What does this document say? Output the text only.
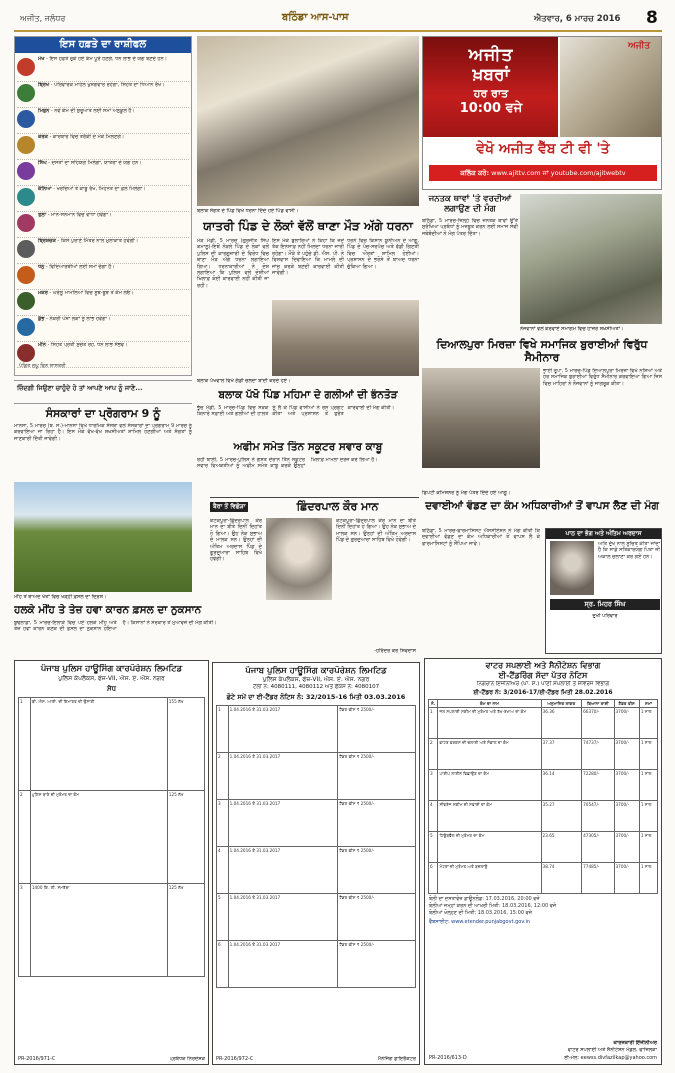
ਅਜੀਤ, ਜਲੰਧਰ	ਬਠਿੰਡਾ ਆਸ-ਪਾਸ	ਐਤਵਾਰ, 6 ਮਾਰਚ 2016 8
ਇਸ ਹਫ਼ਤੇ ਦਾ ਰਾਸ਼ੀਫਲ
ਮੇਖ - ਇਸ ਹਫ਼ਤੇ ਰੁਕੇ ਹੋਏ ਕੰਮ ਪੂਰੇ ਹੋਣਗੇ, ਧਨ ਲਾਭ ਦੇ ਯੋਗ ਬਣਦੇ ਹਨ।
ਬ੍ਰਿਖ - ਪਰਿਵਾਰਕ ਮਾਹੌਲ ਖੁਸ਼ਗਵਾਰ ਰਹੇਗਾ, ਸਿਹਤ ਦਾ ਧਿਆਨ ਰੱਖੋ।
ਮਿਥੁਨ - ਨਵੇਂ ਕੰਮ ਦੀ ਸ਼ੁਰੂਆਤ ਲਈ ਸਮਾਂ ਅਨੁਕੂਲ ਹੈ।
ਕਰਕ - ਕਾਰੋਬਾਰ ਵਿਚ ਤਰੱਕੀ ਦੇ ਮੌਕੇ ਮਿਲਣਗੇ।
ਸਿੰਘ - ਦੋਸਤਾਂ ਦਾ ਸਹਿਯੋਗ ਮਿਲੇਗਾ, ਯਾਤਰਾ ਦੇ ਯੋਗ ਹਨ।
ਕੰਨਿਆ - ਖਰਚਿਆਂ ਤੇ ਕਾਬੂ ਰੱਖੋ, ਮਿਹਨਤ ਦਾ ਫ਼ਲ ਮਿਲੇਗਾ।
ਤੁਲਾ - ਮਾਨ-ਸਨਮਾਨ ਵਿਚ ਵਾਧਾ ਹੋਵੇਗਾ।
ਬ੍ਰਿਸ਼ਚਕ - ਕਿਸੇ ਪੁਰਾਣੇ ਮਿੱਤਰ ਨਾਲ ਮੁਲਾਕਾਤ ਹੋਵੇਗੀ।
ਧਨੁ - ਵਿਦਿਆਰਥੀਆਂ ਲਈ ਸਮਾਂ ਚੰਗਾ ਹੈ।
ਮਕਰ - ਘਰੇਲੂ ਮਾਮਲਿਆਂ ਵਿਚ ਸੂਝ-ਬੂਝ ਤੋਂ ਕੰਮ ਲਓ।
ਕੁੰਭ - ਨੌਕਰੀ ਪੇਸ਼ਾ ਲੋਕਾਂ ਨੂੰ ਲਾਭ ਹੋਵੇਗਾ।
ਮੀਨ - ਸਿਹਤ ਪ੍ਰਤੀ ਸੁਚੇਤ ਰਹੋ, ਧਨ ਲਾਭ ਸੰਭਵ।
ਪੰਡਿਤ ਰਘੂ ਵਿਨ ਸ਼ਾਸਤਰੀ
ਜ਼ਿੰਦਗੀ ਜਿਉਣਾ ਚਾਹੁੰਦੇ ਹੋ ਤਾਂ ਆਪਣੇ ਆਪ ਨੂੰ ਜਾਣੋ...
ਸੰਸਕਾਰਾਂ ਦਾ ਪ੍ਰੋਗਰਾਮ 9 ਨੂੰ
ਮਾਨਸਾ, 5 ਮਾਰਚ (ਬ. ਸ.)-ਮਾਨਸਾ ਵਿਖੇ ਧਾਰਮਿਕ ਸੰਸਥਾ ਵਲੋਂ ਸੰਸਕਾਰਾਂ ਦਾ ਪ੍ਰੋਗਰਾਮ 9 ਮਾਰਚ ਨੂੰ ਕਰਵਾਇਆ ਜਾ ਰਿਹਾ ਹੈ। ਇਸ ਮੌਕੇ ਵੱਖ-ਵੱਖ ਸ਼ਖ਼ਸੀਅਤਾਂ ਸ਼ਾਮਿਲ ਹੋਣਗੀਆਂ ਅਤੇ ਸੰਗਤਾਂ ਨੂੰ ਜਾਣਕਾਰੀ ਦਿੱਤੀ ਜਾਵੇਗੀ।
ਮੀਂਹ ਤੋਂ ਬਾਅਦ ਖੇਤਾਂ ਵਿਚ ਖੜ੍ਹੀ ਫ਼ਸਲ ਦਾ ਦ੍ਰਿਸ਼।
ਹਲਕੇ ਮੀਂਹ ਤੇ ਤੇਜ਼ ਹਵਾ ਕਾਰਨ ਫ਼ਸਲ ਦਾ ਨੁਕਸਾਨ
ਬੁਢਲਾਡਾ, 5 ਮਾਰਚ-ਇਲਾਕੇ ਵਿਚ ਪਏ ਹਲਕੇ ਮੀਂਹ ਅਤੇ ਤੇਜ਼ ਹਵਾ ਕਾਰਨ ਕਣਕ ਦੀ ਫ਼ਸਲ ਦਾ ਨੁਕਸਾਨ ਹੋਇਆ ਹੈ। ਕਿਸਾਨਾਂ ਨੇ ਸਰਕਾਰ ਤੋਂ ਮੁਆਵਜ਼ੇ ਦੀ ਮੰਗ ਕੀਤੀ।
ਪੰਜਾਬ ਪੁਲਿਸ ਹਾਊਸਿੰਗ ਕਾਰਪੋਰੇਸ਼ਨ ਲਿਮਟਿਡ
ਪੁਲਿਸ ਕੰਪਲੈਕਸ, ਫੇਜ਼-VII, ਐਸ. ਏ. ਐਸ. ਨਗਰ
ਸੋਧ
1	ਬੀ. ਐਸ. ਆਈ. ਦੀ ਇਮਾਰਤ ਦੀ ਉਸਾਰੀ	155 ਲੱਖ
2	ਪੁਲਿਸ ਥਾਣੇ ਦੀ ਮੁਰੰਮਤ ਦਾ ਕੰਮ	125 ਲੱਖ
3	1400 ਕਿ. ਲੀ. ਸਮਰੱਥਾ	125 ਲੱਖ
PR-2016/971-C	ਪ੍ਰਬੰਧਕ ਨਿਰਦੇਸ਼ਕ
ਬਲਾਕ ਸੰਗਤ ਦੇ ਪਿੰਡ ਵਿਖੇ ਧਰਨਾ ਦਿੰਦੇ ਹੋਏ ਪਿੰਡ ਵਾਸੀ।
ਯਾਤਰੀ ਪਿੰਡ ਦੇ ਲੋਕਾਂ ਵੱਲੋਂ ਥਾਣਾ ਮੌੜ ਅੱਗੇ ਧਰਨਾ
ਮੌੜ ਮੰਡੀ, 5 ਮਾਰਚ (ਗੁਰਜੀਤ ਸਿੰਘ ਕਮਾਲੂ)-ਇਥੋਂ ਨੇੜਲੇ ਪਿੰਡ ਦੇ ਲੋਕਾਂ ਵਲੋਂ ਪੁਲਿਸ ਦੀ ਕਾਰਗੁਜ਼ਾਰੀ ਦੇ ਵਿਰੋਧ ਵਿਚ ਥਾਣਾ ਮੌੜ ਅੱਗੇ ਧਰਨਾ ਲਗਾਇਆ ਗਿਆ। ਧਰਨਾਕਾਰੀਆਂ ਨੇ ਦੋਸ਼ ਲਗਾਇਆ ਕਿ ਪੁਲਿਸ ਵਲੋਂ ਦੋਸ਼ੀਆਂ ਖ਼ਿਲਾਫ਼ ਕੋਈ ਕਾਰਵਾਈ ਨਹੀਂ ਕੀਤੀ ਜਾ ਰਹੀ।
ਇਸ ਮੌਕੇ ਬੁਲਾਰਿਆਂ ਨੇ ਕਿਹਾ ਕਿ ਜਦੋਂ ਤੱਕ ਇਨਸਾਫ਼ ਨਹੀਂ ਮਿਲਦਾ ਧਰਨਾ ਜਾਰੀ ਰਹੇਗਾ। ਮੌਕੇ ਤੇ ਪਹੁੰਚੇ ਡੀ. ਐਸ. ਪੀ. ਨੇ ਵਿਸ਼ਵਾਸ ਦਿਵਾਇਆ ਕਿ ਮਾਮਲੇ ਦੀ ਜਾਂਚ ਕਰਕੇ ਬਣਦੀ ਕਾਰਵਾਈ ਕੀਤੀ ਜਾਵੇਗੀ।
ਧਰਨੇ ਵਿਚ ਕਿਸਾਨ ਯੂਨੀਅਨ ਦੇ ਆਗੂ, ਪਿੰਡ ਦੇ ਪੰਚ-ਸਰਪੰਚ ਅਤੇ ਵੱਡੀ ਗਿਣਤੀ ਵਿਚ ਔਰਤਾਂ ਸ਼ਾਮਿਲ ਹੋਈਆਂ। ਪ੍ਰਸ਼ਾਸਨ ਦੇ ਭਰੋਸੇ ਤੋਂ ਬਾਅਦ ਧਰਨਾ ਚੁੱਕਿਆ ਗਿਆ।
ਬਲਾਕ ਪੱਖੋਵਾਲ ਵਿਖੇ ਗੱਡੀ ਚਲਦਾ ਬਾਂਦੀ ਕਰਦੇ ਹੋਏ।
ਬਲਾਕ ਪੱਖੋ ਪਿੰਡ ਮਹਿਮਾ ਦੇ ਗਲੀਆਂ ਦੀ ਭੰਨਤੋੜ
ਭੁੱਚੋ ਮੰਡੀ, 5 ਮਾਰਚ-ਪਿੰਡ ਵਿਚ ਸੜਕ ਕਿਨਾਰੇ ਸਫ਼ਾਈ ਅਤੇ ਗਲੀਆਂ ਦੀ ਹਾਲਤ ਨੂੰ ਲੈ ਕੇ ਪਿੰਡ ਵਾਸੀਆਂ ਨੇ ਰੋਸ ਪ੍ਰਗਟ ਕੀਤਾ ਅਤੇ ਪ੍ਰਸ਼ਾਸਨ ਤੋਂ ਤੁਰੰਤ ਕਾਰਵਾਈ ਦੀ ਮੰਗ ਕੀਤੀ।
ਅਫੀਮ ਸਮੇਤ ਤਿੰਨ ਸਕੂਟਰ ਸਵਾਰ ਕਾਬੂ
ਰੋਹੀ ਬਾਲੀ, 5 ਮਾਰਚ-ਪੁਲਿਸ ਨੇ ਗਸ਼ਤ ਦੌਰਾਨ ਤਿੰਨ ਸਕੂਟਰ ਸਵਾਰ ਵਿਅਕਤੀਆਂ ਨੂੰ ਅਫੀਮ ਸਮੇਤ ਕਾਬੂ ਕਰਕੇ ਉਨ੍ਹਾਂ ਖ਼ਿਲਾਫ਼ ਮਾਮਲਾ ਦਰਜ ਕਰ ਲਿਆ ਹੈ।
ਬੈਰਾ ਤੋਂ ਵਿਛੋੜਾ	ਛਿੰਦਰਪਾਲ ਕੌਰ ਮਾਨ
ਕੋਟਕਪੂਰਾ-ਛਿੰਦਰਪਾਲ ਕੌਰ ਮਾਨ ਦਾ ਬੀਤੇ ਦਿਨੀਂ ਦਿਹਾਂਤ ਹੋ ਗਿਆ। ਉਹ ਨੇਕ ਸੁਭਾਅ ਦੇ ਮਾਲਕ ਸਨ। ਉਨ੍ਹਾਂ ਦੀ ਅੰਤਿਮ ਅਰਦਾਸ ਪਿੰਡ ਦੇ ਗੁਰਦੁਆਰਾ ਸਾਹਿਬ ਵਿਖੇ ਹੋਵੇਗੀ।
ਕੋਟਕਪੂਰਾ-ਛਿੰਦਰਪਾਲ ਕੌਰ ਮਾਨ ਦਾ ਬੀਤੇ ਦਿਨੀਂ ਦਿਹਾਂਤ ਹੋ ਗਿਆ। ਉਹ ਨੇਕ ਸੁਭਾਅ ਦੇ ਮਾਲਕ ਸਨ। ਉਨ੍ਹਾਂ ਦੀ ਅੰਤਿਮ ਅਰਦਾਸ ਪਿੰਡ ਦੇ ਗੁਰਦੁਆਰਾ ਸਾਹਿਬ ਵਿਖੇ ਹੋਵੇਗੀ।
-ਹਰਿੰਦਰ ਕੋਰ ਸ਼ਿਵਦਾਸ
ਪੰਜਾਬ ਪੁਲਿਸ ਹਾਊਸਿੰਗ ਕਾਰਪੋਰੇਸ਼ਨ ਲਿਮਟਿਡ
ਪੁਲਿਸ ਕੰਪਲੈਕਸ, ਫੇਜ਼-VII, ਐਸ. ਏ. ਐਸ. ਨਗਰ
ਟੈਲੀ ਨੰ: 4080111, 4080112 ਅਤੇ ਫੈਕਸ ਨੰ: 4080107
ਛੋਟੇ ਸਮੇਂ ਦਾ ਈ-ਟੈਂਡਰ ਨੋਟਿਸ ਨੰ: 32/2015-16 ਮਿਤੀ 03.03.2016
1	1.04.2016 ਤੋਂ 31.03.2017	ਟੈਂਡਰ ਫੀਸ ₹ 2500/-
2	1.04.2016 ਤੋਂ 31.03.2017	ਟੈਂਡਰ ਫੀਸ ₹ 2500/-
3	1.04.2016 ਤੋਂ 31.03.2017	ਟੈਂਡਰ ਫੀਸ ₹ 2500/-
4	1.04.2016 ਤੋਂ 31.03.2017	ਟੈਂਡਰ ਫੀਸ ₹ 2500/-
5	1.04.2016 ਤੋਂ 31.03.2017	ਟੈਂਡਰ ਫੀਸ ₹ 2500/-
6	1.04.2016 ਤੋਂ 31.03.2017	ਟੈਂਡਰ ਫੀਸ ₹ 2500/-
PR-2016/972-C	ਮੈਨੇਜਿੰਗ ਡਾਇਰੈਕਟਰ
ਅਜੀਤ
ਖ਼ਬਰਾਂ
ਹਰ ਰਾਤ
10:00 ਵਜੇ
ਅਜੀਤ
ਵੇਖੋ ਅਜੀਤ ਵੈੱਬ ਟੀ ਵੀ 'ਤੇ
ਕਲਿੱਕ ਕਰੋ: www.ajittv.com ਜਾਂ youtube.com/ajitwebtv
ਜਨਤਕ ਥਾਵਾਂ 'ਤੇ ਵਰਦੀਆਂ ਲਗਾਉਣ ਦੀ ਮੰਗ
ਬਠਿੰਡਾ, 5 ਮਾਰਚ-ਜ਼ਿਲ੍ਹੇ ਵਿਚ ਜਨਤਕ ਥਾਵਾਂ ਉੱਤੇ ਸੁਰੱਖਿਆ ਪ੍ਰਬੰਧਾਂ ਨੂੰ ਮਜ਼ਬੂਤ ਕਰਨ ਲਈ ਸਮਾਜ ਸੇਵੀ ਜਥੇਬੰਦੀਆਂ ਨੇ ਮੰਗ ਪੱਤਰ ਦਿੱਤਾ।
ਨੌਜਵਾਨਾਂ ਵਲੋਂ ਕਰਵਾਏ ਸਮਾਗਮ ਵਿਚ ਹਾਜ਼ਰ ਸ਼ਖ਼ਸੀਅਤਾਂ।
ਦਿਆਲਪੁਰਾ ਮਿਰਜ਼ਾ ਵਿਖੇ ਸਮਾਜਿਕ ਬੁਰਾਈਆਂ ਵਿਰੁੱਧ ਸੈਮੀਨਾਰ
ਭਾਈ ਰੂਪਾ, 5 ਮਾਰਚ-ਪਿੰਡ ਦਿਆਲਪੁਰਾ ਮਿਰਜ਼ਾ ਵਿਖੇ ਨਸ਼ਿਆਂ ਅਤੇ ਹੋਰ ਸਮਾਜਿਕ ਬੁਰਾਈਆਂ ਵਿਰੁੱਧ ਸੈਮੀਨਾਰ ਕਰਵਾਇਆ ਗਿਆ ਜਿਸ ਵਿਚ ਮਾਹਿਰਾਂ ਨੇ ਨੌਜਵਾਨਾਂ ਨੂੰ ਜਾਗਰੂਕ ਕੀਤਾ।
ਦਵਾਈਆਂ ਵੰਡਣ ਦਾ ਕੰਮ ਅਧਿਕਾਰੀਆਂ ਤੋਂ ਵਾਪਸ ਲੈਣ ਦੀ ਮੰਗ
ਡਿਪਟੀ ਕਮਿਸ਼ਨਰ ਨੂੰ ਮੰਗ ਪੱਤਰ ਦਿੰਦੇ ਹੋਏ ਆਗੂ।
ਬਠਿੰਡਾ, 5 ਮਾਰਚ-ਫਾਰਮਾਸਿਸਟ ਐਸੋਸੀਏਸ਼ਨ ਨੇ ਮੰਗ ਕੀਤੀ ਕਿ ਦਵਾਈਆਂ ਵੰਡਣ ਦਾ ਕੰਮ ਅਧਿਕਾਰੀਆਂ ਤੋਂ ਵਾਪਸ ਲੈ ਕੇ ਫਾਰਮਾਸਿਸਟਾਂ ਨੂੰ ਸੌਂਪਿਆ ਜਾਵੇ।
ਪਾਠ ਦਾ ਭੋਗ ਅਤੇ ਅੰਤਿਮ ਅਰਦਾਸ
ਅਤਿ ਦੁੱਖ ਨਾਲ ਸੂਚਿਤ ਕੀਤਾ ਜਾਂਦਾ ਹੈ ਕਿ ਸਾਡੇ ਸਤਿਕਾਰਯੋਗ ਪਿਤਾ ਜੀ ਅਕਾਲ ਚਲਾਣਾ ਕਰ ਗਏ ਹਨ।
ਸ੍ਰ. ਮਿਹਰ ਸਿੰਘ
ਦੁਖੀ ਪਰਿਵਾਰ
ਵਾਟਰ ਸਪਲਾਈ ਅਤੇ ਸੈਨੀਟੇਸ਼ਨ ਵਿਭਾਗ
ਈ-ਟੈਂਡਰਿੰਗ ਸੱਦਾ ਪੱਤਰ ਨੋਟਿਸ
ਨਿਗਰਾਨ ਇੰਜੀਨੀਅਰ (ਪਾ. ਸ.) ਪਾਣੀ ਸਪਲਾਈ ਤੇ ਸੀਵਰੇਜ ਵਿਭਾਗ
ਈ-ਟੈਂਡਰ ਨੰ: 3/2016-17/ਈ-ਟੈਂਡਰ ਮਿਤੀ 28.02.2016
ਨੰ.	ਕੰਮ ਦਾ ਨਾਮ	ਅਨੁਮਾਨਿਤ ਲਾਗਤ	ਬਿਆਨਾ ਰਾਸ਼ੀ	ਟੈਂਡਰ ਫੀਸ	ਸਮਾਂ
1	ਜਲ ਸਪਲਾਈ ਸਕੀਮ ਦੀ ਮੁਰੰਮਤ ਅਤੇ ਰੱਖ-ਰਖਾਅ ਦਾ ਕੰਮ	36.36	66370/-	3700/-	1 ਸਾਲ
2	ਵਾਟਰ ਵਰਕਸ ਦੀ ਚਲਾਈ ਅਤੇ ਸੰਭਾਲ ਦਾ ਕੰਮ	37.37	74737/-	3700/-	1 ਸਾਲ
3	ਪਾਈਪ ਲਾਈਨ ਵਿਛਾਉਣ ਦਾ ਕੰਮ	36.14	72280/-	3700/-	1 ਸਾਲ
4	ਸੀਵਰੇਜ ਸਕੀਮ ਦੀ ਸਫ਼ਾਈ ਦਾ ਕੰਮ	35.27	70547/-	3700/-	1 ਸਾਲ
5	ਟਿਊਬਵੈੱਲ ਦੀ ਮੁਰੰਮਤ ਦਾ ਕੰਮ	23.65	47305/-	3700/-	1 ਸਾਲ
6	ਮੋਟਰਾਂ ਦੀ ਮੁਰੰਮਤ ਅਤੇ ਬਦਲਾਉ	38.74	77485/-	3700/-	1 ਸਾਲ
ਬੋਲੀ ਦਾ ਦਸਤਾਵੇਜ਼ ਡਾਊਨਲੋਡ: 17.03.2016, 20:00 ਵਜੇ
ਬੋਲੀਆਂ ਜਮ੍ਹਾਂ ਕਰਨ ਦੀ ਆਖਰੀ ਮਿਤੀ: 18.03.2016, 12:00 ਵਜੇ
ਬੋਲੀਆਂ ਖੋਲ੍ਹਣ ਦੀ ਮਿਤੀ: 18.03.2016, 15:00 ਵਜੇ
ਵੈੱਬਸਾਈਟ: www.etender.punjabgovt.gov.in
ਕਾਰਜਕਾਰੀ ਇੰਜੀਨੀਅਰ
ਵਾਟਰ ਸਪਲਾਈ ਅਤੇ ਸੈਨੀਟੇਸ਼ਨ ਮੰਡਲ, ਫਾਜ਼ਿਲਕਾ
PR-2016/613-D	ਈ-ਮੇਲ: eewss.divfazilkap@yahoo.com
